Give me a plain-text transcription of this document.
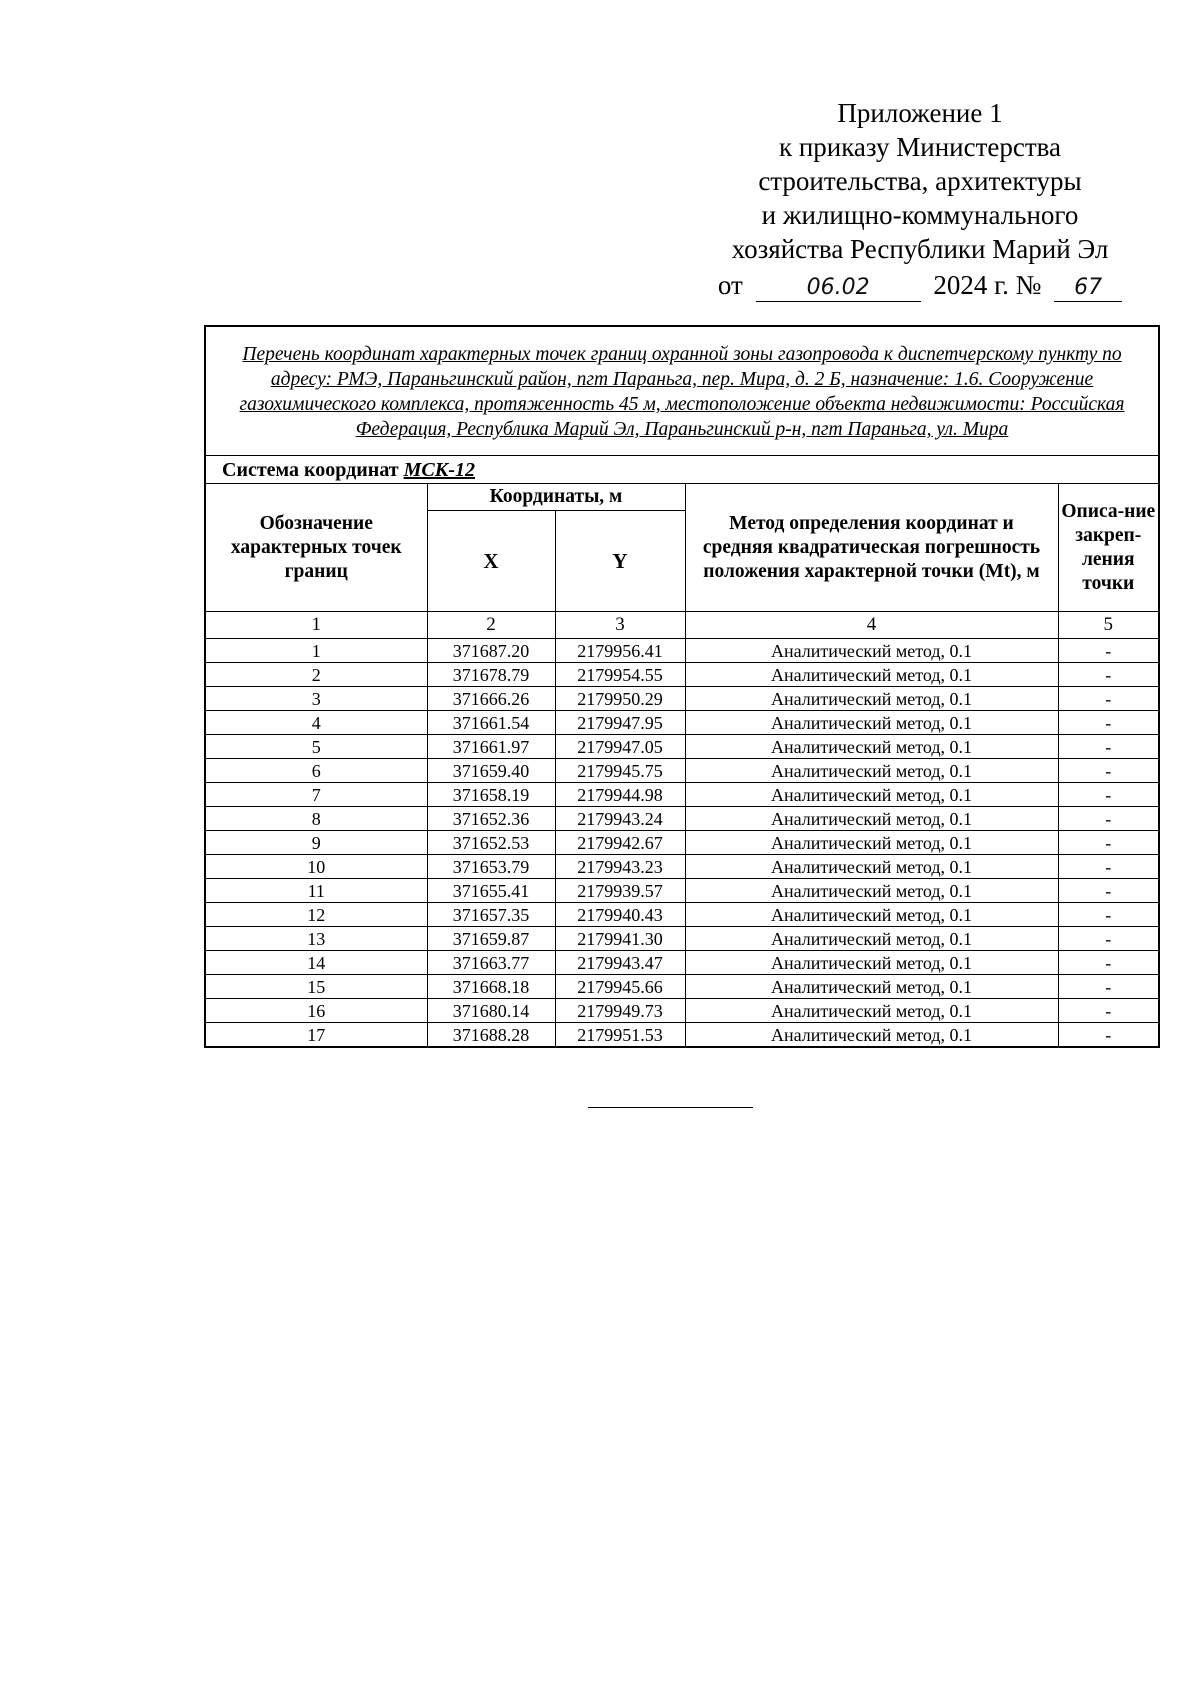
Приложение 1
к приказу Министерства
строительства, архитектуры
и жилищно-коммунального
хозяйства Республики Марий Эл
от	06.02 2024 г. № 67
Перечень координат характерных точек границ охранной зоны газопровода к диспетчерскому пункту по адресу: РМЭ, Параньгинский район, пгт Параньга, пер. Мира, д. 2 Б, назначение: 1.6. Сооружение газохимического комплекса, протяженность 45 м, местоположение объекта недвижимости: Российская Федерация, Республика Марий Эл, Параньгинский р-н, пгт Параньга, ул. Мира				
Система координат МСК-12				
Обозначение характерных точек границ	Координаты, м		Метод определения координат и средняя квадратическая погрешность положения характерной точки (Mt), м	Описа-ние закреп-ления точки
	X	Y		
1	2	3	4	5
1	371687.20	2179956.41	Аналитический метод, 0.1	-
2	371678.79	2179954.55	Аналитический метод, 0.1	-
3	371666.26	2179950.29	Аналитический метод, 0.1	-
4	371661.54	2179947.95	Аналитический метод, 0.1	-
5	371661.97	2179947.05	Аналитический метод, 0.1	-
6	371659.40	2179945.75	Аналитический метод, 0.1	-
7	371658.19	2179944.98	Аналитический метод, 0.1	-
8	371652.36	2179943.24	Аналитический метод, 0.1	-
9	371652.53	2179942.67	Аналитический метод, 0.1	-
10	371653.79	2179943.23	Аналитический метод, 0.1	-
11	371655.41	2179939.57	Аналитический метод, 0.1	-
12	371657.35	2179940.43	Аналитический метод, 0.1	-
13	371659.87	2179941.30	Аналитический метод, 0.1	-
14	371663.77	2179943.47	Аналитический метод, 0.1	-
15	371668.18	2179945.66	Аналитический метод, 0.1	-
16	371680.14	2179949.73	Аналитический метод, 0.1	-
17	371688.28	2179951.53	Аналитический метод, 0.1	-
